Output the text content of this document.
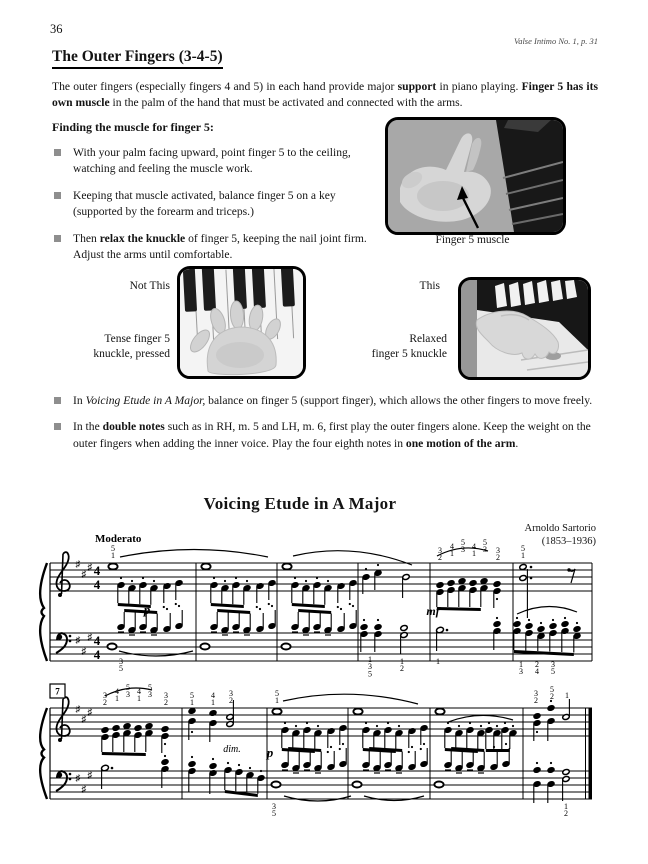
36
Valse Intimo No. 1, p. 31
The Outer Fingers (3-4-5)
The outer fingers (especially fingers 4 and 5) in each hand provide major support in piano playing. Finger 5 has its own muscle in the palm of the hand that must be activated and connected with the arms.
Finding the muscle for finger 5:
With your palm facing upward, point finger 5 to the ceiling, watching and feeling the muscle work.
Keeping that muscle activated, balance finger 5 on a key (supported by the forearm and triceps.)
Then relax the knuckle of finger 5, keeping the nail joint firm. Adjust the arms until comfortable.
Finger 5 muscle
Not This
Tense finger 5
knuckle, pressed
This
Relaxed
finger 5 knuckle
In Voicing Etude in A Major, balance on finger 5 (support finger), which allows the other fingers to move freely.
In the double notes such as in RH, m. 5 and LH, m. 6, first play the outer fingers alone. Keep the weight on the outer fingers when adding the inner voice. Play the four eighth notes in one motion of the arm.
Voicing Etude in A Major
Arnoldo Sartorio
(1853–1936)
♯
♯
♯
♯
♯
♯
4
4
4
4
♯
♯
♯
♯
♯
♯
7
Moderato
p	mf
dim. p
5
1
3
2
4
1
5
3 4
1
5
3 3
2
5
1
3
5
1
3
5
1
2
1	1
3
2
4
3
5
3
2
4
1
5
3 4
1
5
3 3
2
5
1
4
1
3
2
5
1
3
2
5
2 1
3
5
1
2
